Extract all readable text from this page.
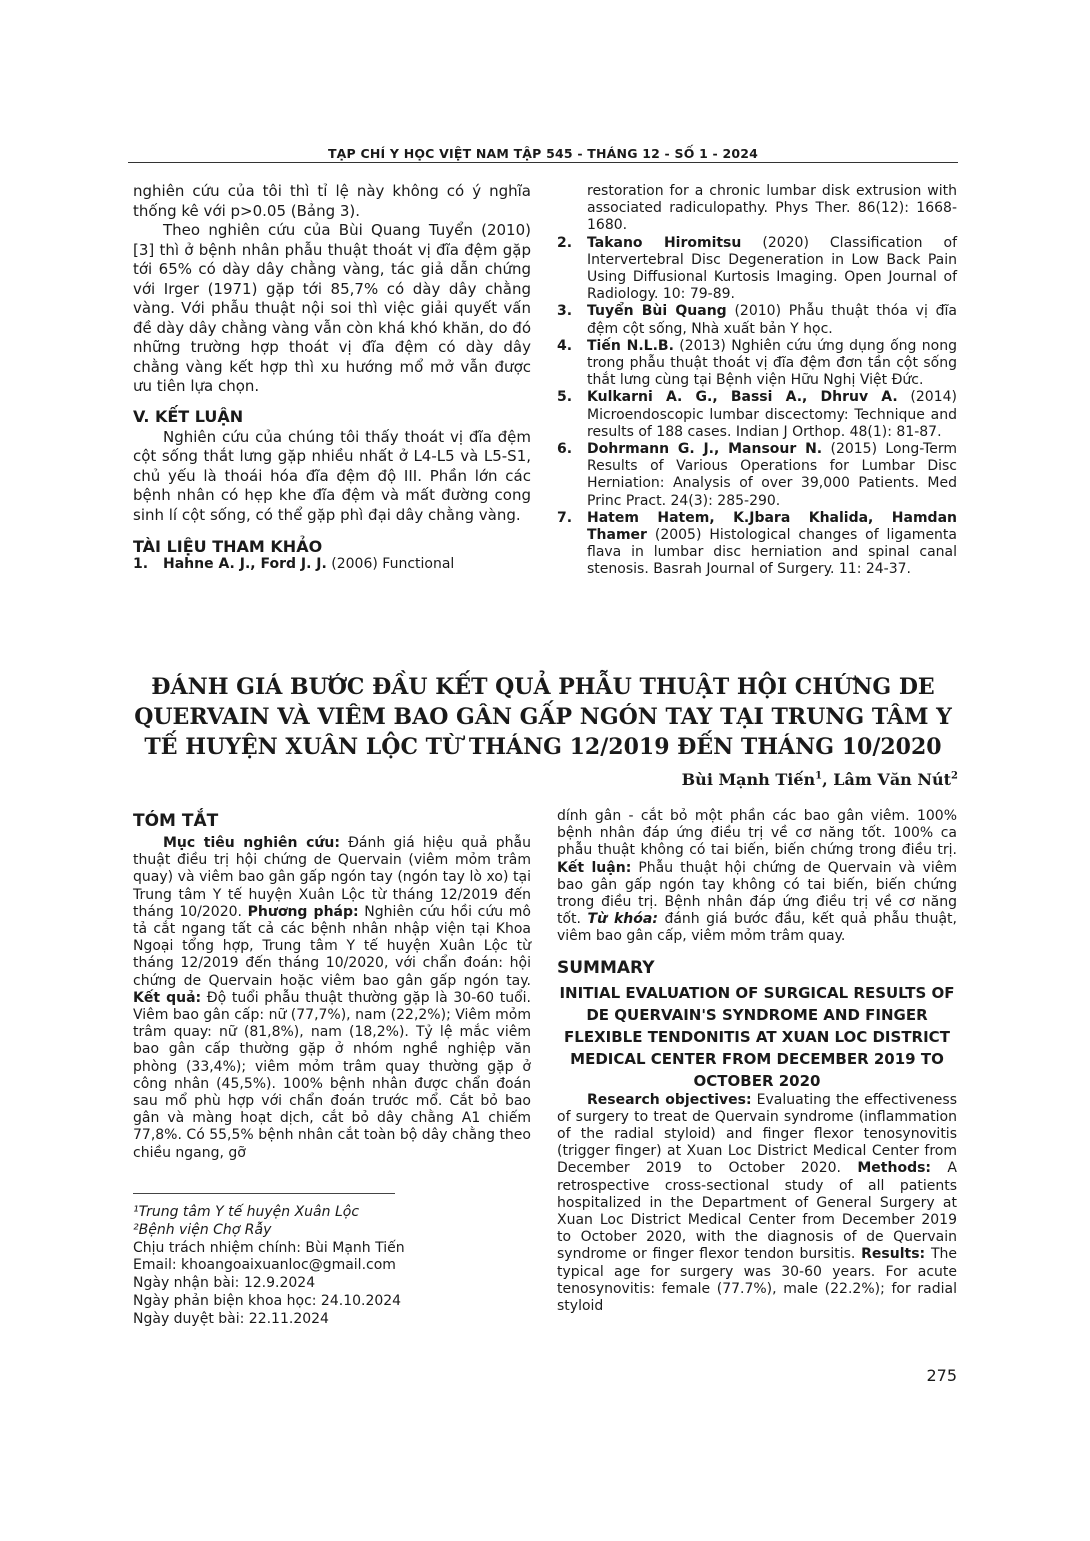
TẠP CHÍ Y HỌC VIỆT NAM TẬP 545 - THÁNG 12 - SỐ 1 - 2024

nghiên cứu của tôi thì tỉ lệ này không có ý nghĩa thống kê với p>0.05 (Bảng 3).

Theo nghiên cứu của Bùi Quang Tuyển (2010) [3] thì ở bệnh nhân phẫu thuật thoát vị đĩa đệm gặp tới 65% có dày dây chằng vàng, tác giả dẫn chứng với Irger (1971) gặp tới 85,7% có dày dây chằng vàng. Với phẫu thuật nội soi thì việc giải quyết vấn đề dày dây chằng vàng vẫn còn khá khó khăn, do đó những trường hợp thoát vị đĩa đệm có dày dây chằng vàng kết hợp thì xu hướng mổ mở vẫn được ưu tiên lựa chọn.

V. KẾT LUẬN

Nghiên cứu của chúng tôi thấy thoát vị đĩa đệm cột sống thắt lưng gặp nhiều nhất ở L4-L5 và L5-S1, chủ yếu là thoái hóa đĩa đệm độ III. Phần lớn các bệnh nhân có hẹp khe đĩa đệm và mất đường cong sinh lí cột sống, có thể gặp phì đại dây chằng vàng.

TÀI LIỆU THAM KHẢO

1.	Hahne A. J., Ford J. J. (2006) Functional
restoration for a chronic lumbar disk extrusion with associated radiculopathy. Phys Ther. 86(12): 1668-1680.
2.	Takano Hiromitsu (2020) Classification of Intervertebral Disc Degeneration in Low Back Pain Using Diffusional Kurtosis Imaging. Open Journal of Radiology. 10: 79-89.
3.	Tuyển Bùi Quang (2010) Phẫu thuật thóa vị đĩa đệm cột sống, Nhà xuất bản Y học.
4.	Tiến N.L.B. (2013) Nghiên cứu ứng dụng ống nong trong phẫu thuật thoát vị đĩa đệm đơn tần cột sống thắt lưng cùng tại Bệnh viện Hữu Nghị Việt Đức.
5.	Kulkarni A. G., Bassi A., Dhruv A. (2014) Microendoscopic lumbar discectomy: Technique and results of 188 cases. Indian J Orthop. 48(1): 81-87.
6.	Dohrmann G. J., Mansour N. (2015) Long-Term Results of Various Operations for Lumbar Disc Herniation: Analysis of over 39,000 Patients. Med Princ Pract. 24(3): 285-290.
7.	Hatem Hatem, K.Jbara Khalida, Hamdan Thamer (2005) Histological changes of ligamenta flava in lumbar disc herniation and spinal canal stenosis. Basrah Journal of Surgery. 11: 24-37.
ĐÁNH GIÁ BƯỚC ĐẦU KẾT QUẢ PHẪU THUẬT HỘI CHỨNG DE QUERVAIN VÀ VIÊM BAO GÂN GẤP NGÓN TAY TẠI TRUNG TÂM Y TẾ HUYỆN XUÂN LỘC TỪ THÁNG 12/2019 ĐẾN THÁNG 10/2020
Bùi Mạnh Tiến$^1$, Lâm Văn Nút$^2$

TÓM TẮT

Mục tiêu nghiên cứu: Đánh giá hiệu quả phẫu thuật điều trị hội chứng de Quervain (viêm mỏm trâm quay) và viêm bao gân gấp ngón tay (ngón tay lò xo) tại Trung tâm Y tế huyện Xuân Lộc từ tháng 12/2019 đến tháng 10/2020. Phương pháp: Nghiên cứu hồi cứu mô tả cắt ngang tất cả các bệnh nhân nhập viện tại Khoa Ngoại tổng hợp, Trung tâm Y tế huyện Xuân Lộc từ tháng 12/2019 đến tháng 10/2020, với chẩn đoán: hội chứng de Quervain hoặc viêm bao gân gấp ngón tay. Kết quả: Độ tuổi phẫu thuật thường gặp là 30-60 tuổi. Viêm bao gân cấp: nữ (77,7%), nam (22,2%); Viêm mỏm trâm quay: nữ (81,8%), nam (18,2%). Tỷ lệ mắc viêm bao gân cấp thường gặp ở nhóm nghề nghiệp văn phòng (33,4%); viêm mỏm trâm quay thường gặp ở công nhân (45,5%). 100% bệnh nhân được chẩn đoán sau mổ phù hợp với chẩn đoán trước mổ. Cắt bỏ bao gân và màng hoạt dịch, cắt bỏ dây chằng A1 chiếm 77,8%. Có 55,5% bệnh nhân cắt toàn bộ dây chằng theo chiều ngang, gỡ

dính gân - cắt bỏ một phần các bao gân viêm. 100% bệnh nhân đáp ứng điều trị về cơ năng tốt. 100% ca phẫu thuật không có tai biến, biến chứng trong điều trị. Kết luận: Phẫu thuật hội chứng de Quervain và viêm bao gân gấp ngón tay không có tai biến, biến chứng trong điều trị. Bệnh nhân đáp ứng điều trị về cơ năng tốt. Từ khóa: đánh giá bước đầu, kết quả phẫu thuật, viêm bao gân cấp, viêm mỏm trâm quay.

SUMMARY

INITIAL EVALUATION OF SURGICAL RESULTS OF DE QUERVAIN'S SYNDROME AND FINGER FLEXIBLE TENDONITIS AT XUAN LOC DISTRICT MEDICAL CENTER FROM DECEMBER 2019 TO OCTOBER 2020

Research objectives: Evaluating the effectiveness of surgery to treat de Quervain syndrome (inflammation of the radial styloid) and finger flexor tenosynovitis (trigger finger) at Xuan Loc District Medical Center from December 2019 to October 2020. Methods: A retrospective cross-sectional study of all patients hospitalized in the Department of General Surgery at Xuan Loc District Medical Center from December 2019 to October 2020, with the diagnosis of de Quervain syndrome or finger flexor tendon bursitis. Results: The typical age for surgery was 30-60 years. For acute tenosynovitis: female (77.7%), male (22.2%); for radial styloid

¹Trung tâm Y tế huyện Xuân Lộc
²Bệnh viện Chợ Rẫy
Chịu trách nhiệm chính: Bùi Mạnh Tiến
Email: khoangoaixuanloc@gmail.com
Ngày nhận bài: 12.9.2024
Ngày phản biện khoa học: 24.10.2024
Ngày duyệt bài: 22.11.2024
275
